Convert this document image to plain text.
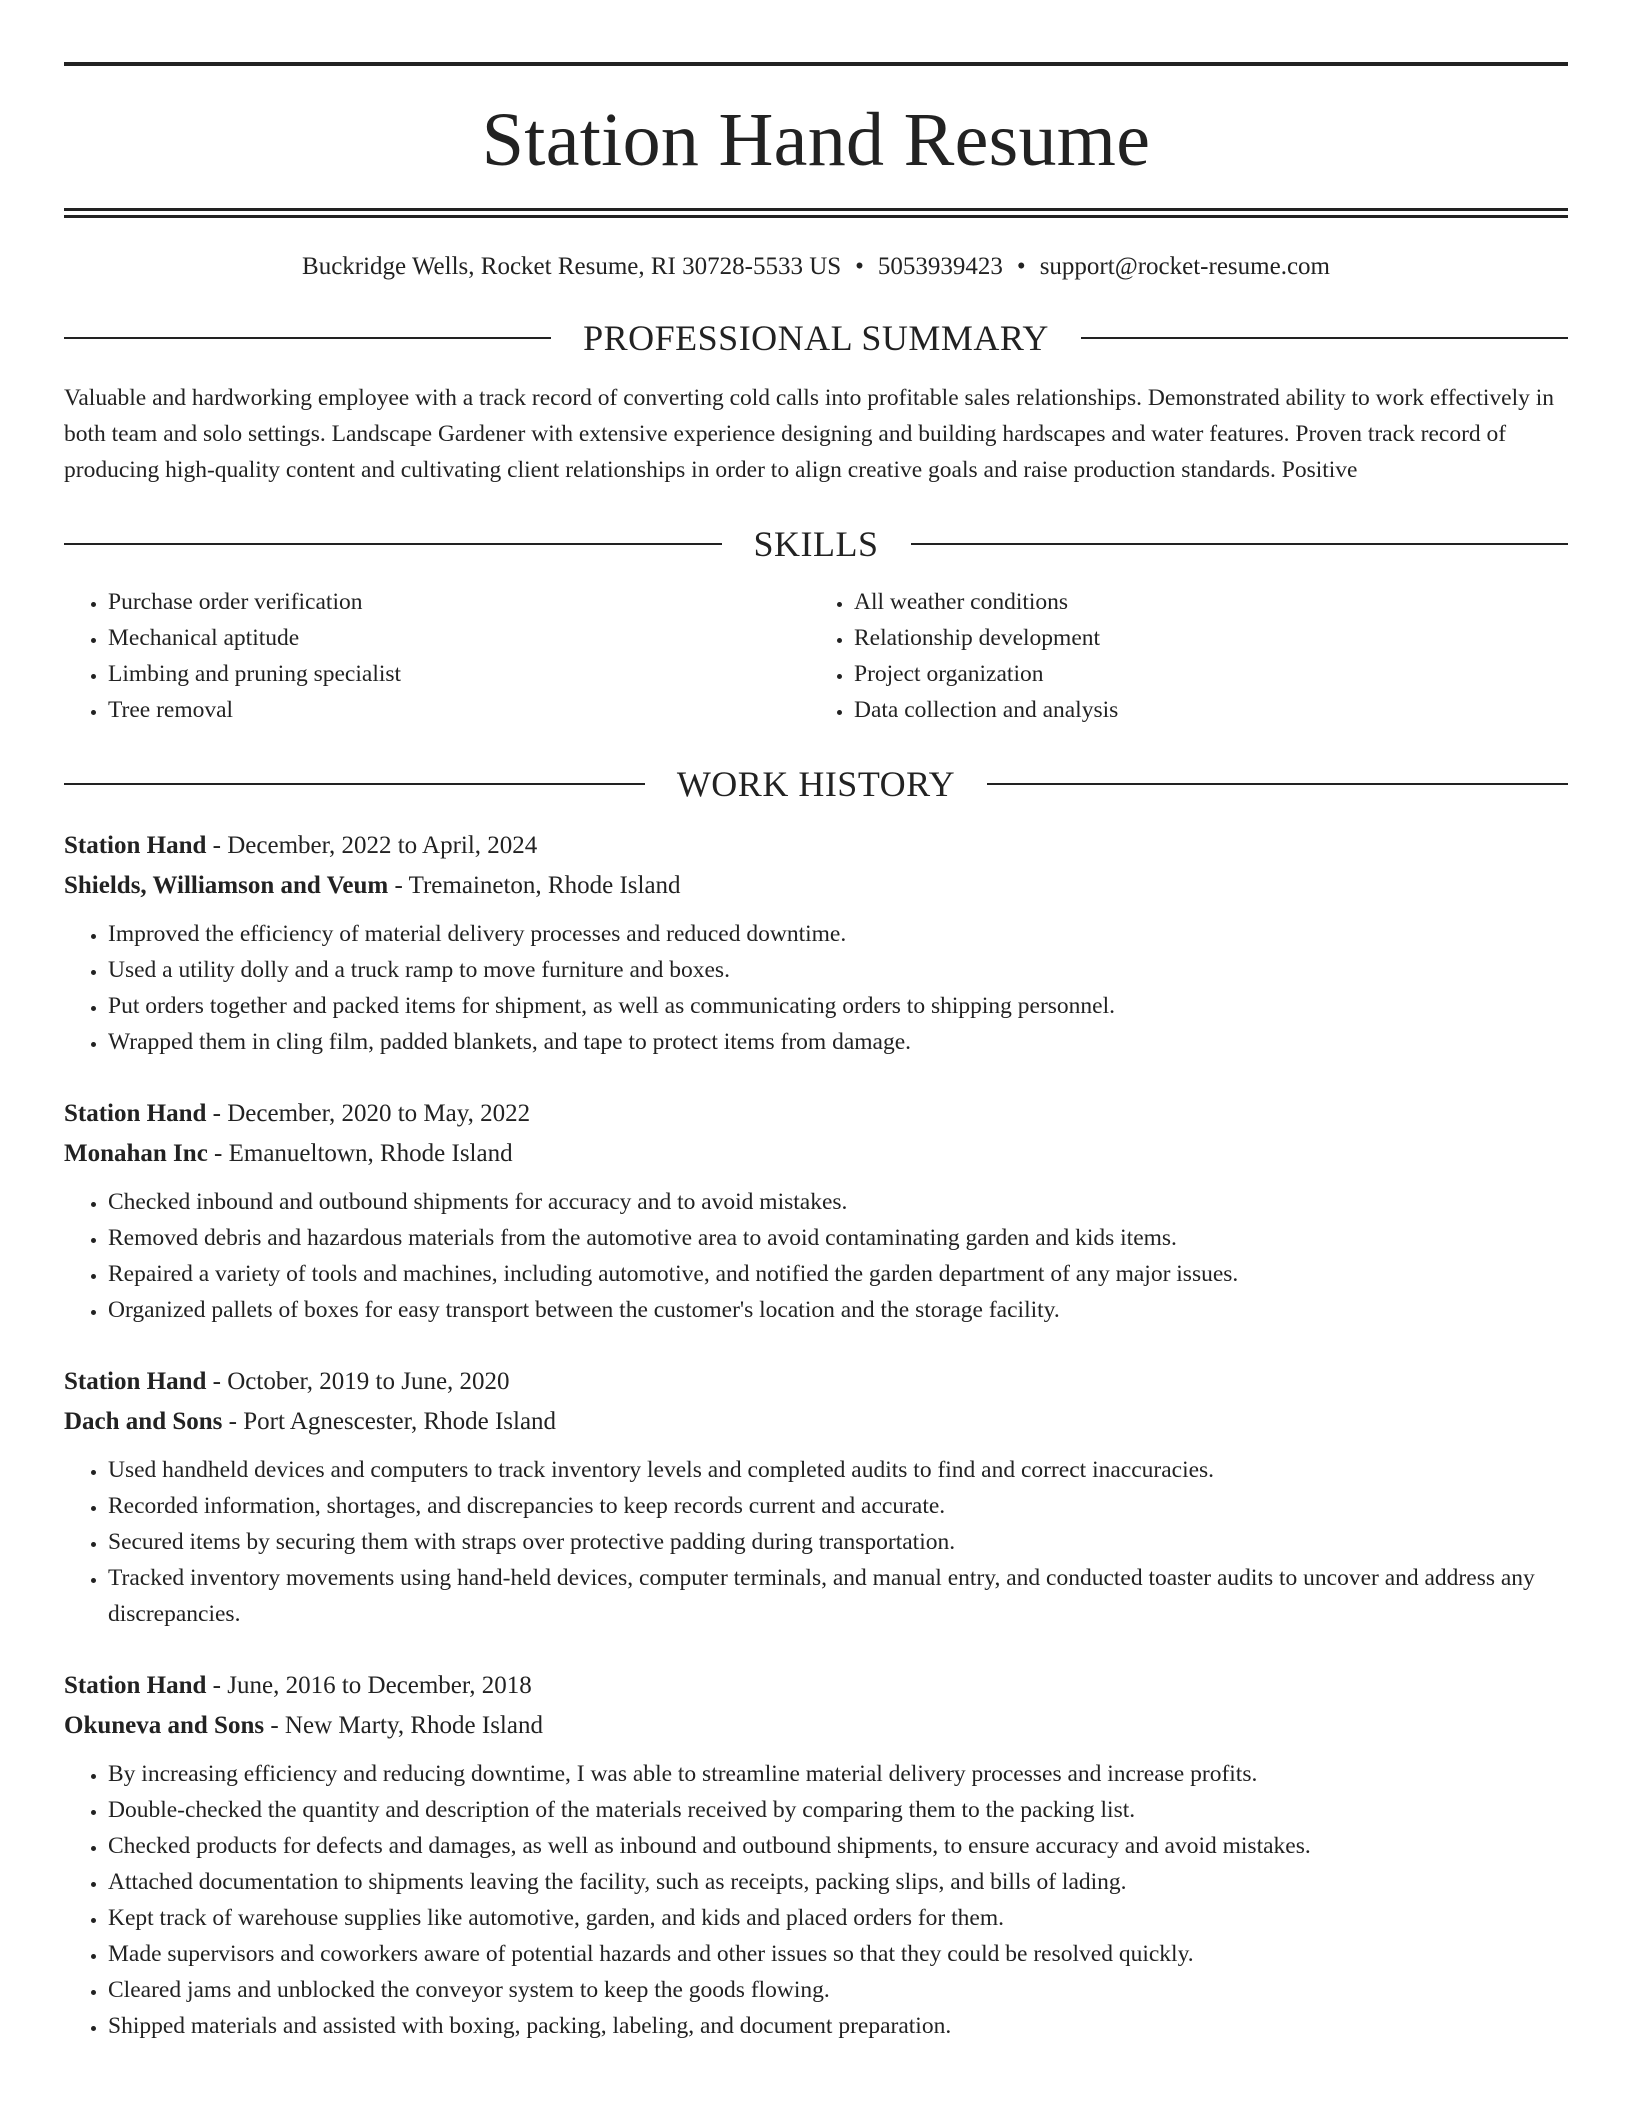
Station Hand Resume
Buckridge Wells, Rocket Resume, RI 30728-5533 US • 5053939423 • support@rocket-resume.com
PROFESSIONAL SUMMARY
Valuable and hardworking employee with a track record of converting cold calls into profitable sales relationships. Demonstrated ability to work effectively in both team and solo settings. Landscape Gardener with extensive experience designing and building hardscapes and water features. Proven track record of producing high-quality content and cultivating client relationships in order to align creative goals and raise production standards. Positive
SKILLS
• Purchase order verification
• Mechanical aptitude
• Limbing and pruning specialist
• Tree removal
• All weather conditions
• Relationship development
• Project organization
• Data collection and analysis
WORK HISTORY
Station Hand - December, 2022 to April, 2024
Shields, Williamson and Veum - Tremaineton, Rhode Island
• Improved the efficiency of material delivery processes and reduced downtime.
• Used a utility dolly and a truck ramp to move furniture and boxes.
• Put orders together and packed items for shipment, as well as communicating orders to shipping personnel.
• Wrapped them in cling film, padded blankets, and tape to protect items from damage.
Station Hand - December, 2020 to May, 2022
Monahan Inc - Emanueltown, Rhode Island
• Checked inbound and outbound shipments for accuracy and to avoid mistakes.
• Removed debris and hazardous materials from the automotive area to avoid contaminating garden and kids items.
• Repaired a variety of tools and machines, including automotive, and notified the garden department of any major issues.
• Organized pallets of boxes for easy transport between the customer's location and the storage facility.
Station Hand - October, 2019 to June, 2020
Dach and Sons - Port Agnescester, Rhode Island
• Used handheld devices and computers to track inventory levels and completed audits to find and correct inaccuracies.
• Recorded information, shortages, and discrepancies to keep records current and accurate.
• Secured items by securing them with straps over protective padding during transportation.
• Tracked inventory movements using hand-held devices, computer terminals, and manual entry, and conducted toaster audits to uncover and address any discrepancies.
Station Hand - June, 2016 to December, 2018
Okuneva and Sons - New Marty, Rhode Island
• By increasing efficiency and reducing downtime, I was able to streamline material delivery processes and increase profits.
• Double-checked the quantity and description of the materials received by comparing them to the packing list.
• Checked products for defects and damages, as well as inbound and outbound shipments, to ensure accuracy and avoid mistakes.
• Attached documentation to shipments leaving the facility, such as receipts, packing slips, and bills of lading.
• Kept track of warehouse supplies like automotive, garden, and kids and placed orders for them.
• Made supervisors and coworkers aware of potential hazards and other issues so that they could be resolved quickly.
• Cleared jams and unblocked the conveyor system to keep the goods flowing.
• Shipped materials and assisted with boxing, packing, labeling, and document preparation.
